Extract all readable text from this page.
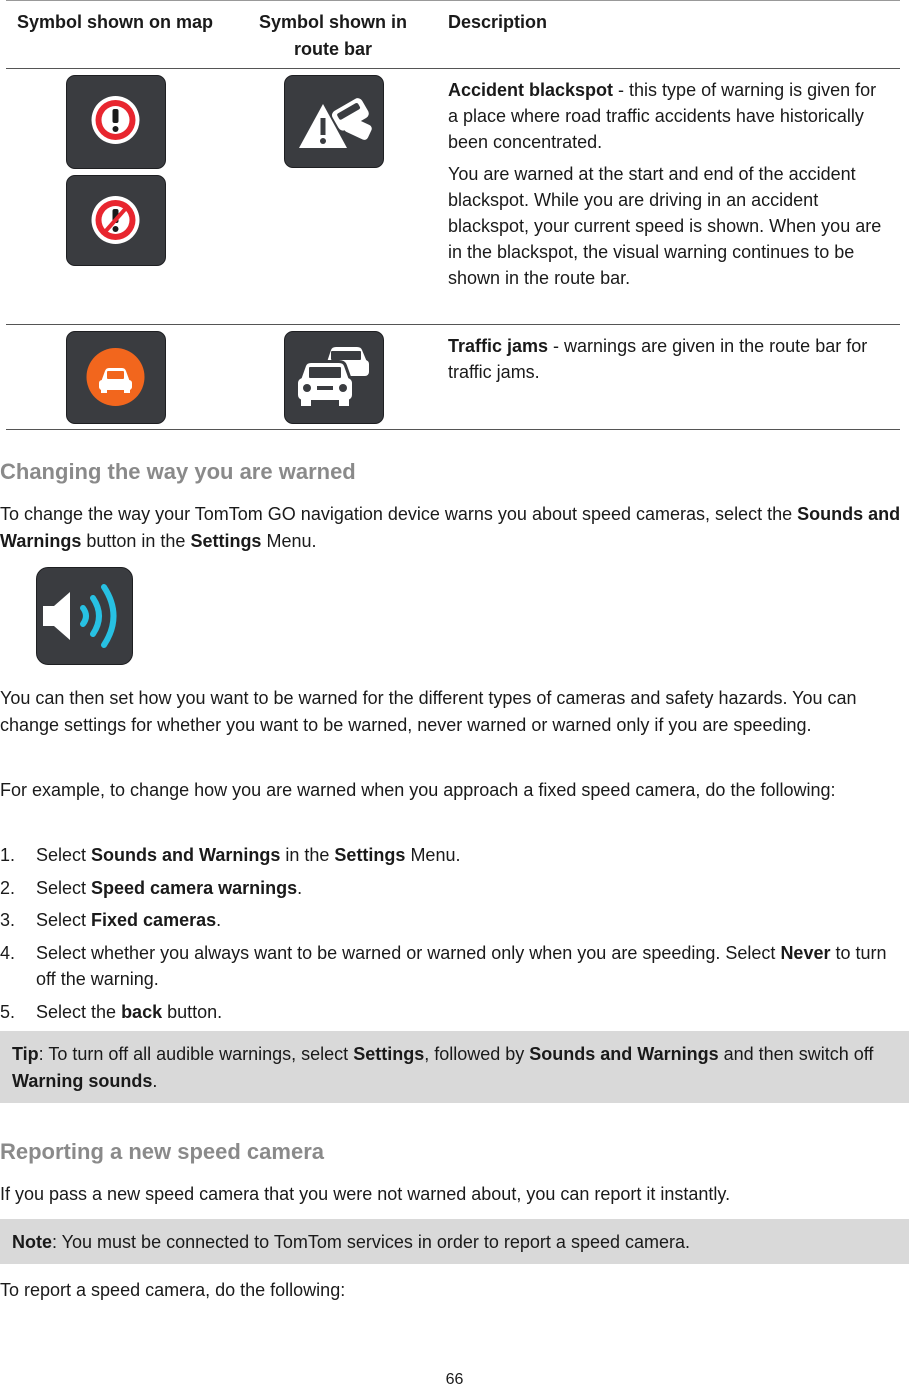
Symbol shown on map	Symbol shown in route bar
Description

Accident blackspot - this type of warning is given for a place where road traffic accidents have historically been concentrated.

You are warned at the start and end of the accident blackspot. While you are driving in an accident blackspot, your current speed is shown. When you are in the blackspot, the visual warning continues to be shown in the route bar.

Traffic jams - warnings are given in the route bar for traffic jams.

Changing the way you are warned

To change the way your TomTom GO navigation device warns you about speed cameras, select the Sounds and Warnings button in the Settings Menu.

You can then set how you want to be warned for the different types of cameras and safety hazards. You can change settings for whether you want to be warned, never warned or warned only if you are speeding.

For example, to change how you are warned when you approach a fixed speed camera, do the following:

1. Select Sounds and Warnings in the Settings Menu.
2. Select Speed camera warnings.
3. Select Fixed cameras.
4. Select whether you always want to be warned or warned only when you are speeding. Select Never to turn off the warning.
5. Select the back button.
Tip: To turn off all audible warnings, select Settings, followed by Sounds and Warnings and then switch off Warning sounds.
Reporting a new speed camera

If you pass a new speed camera that you were not warned about, you can report it instantly.

Note: You must be connected to TomTom services in order to report a speed camera.

To report a speed camera, do the following:

66
